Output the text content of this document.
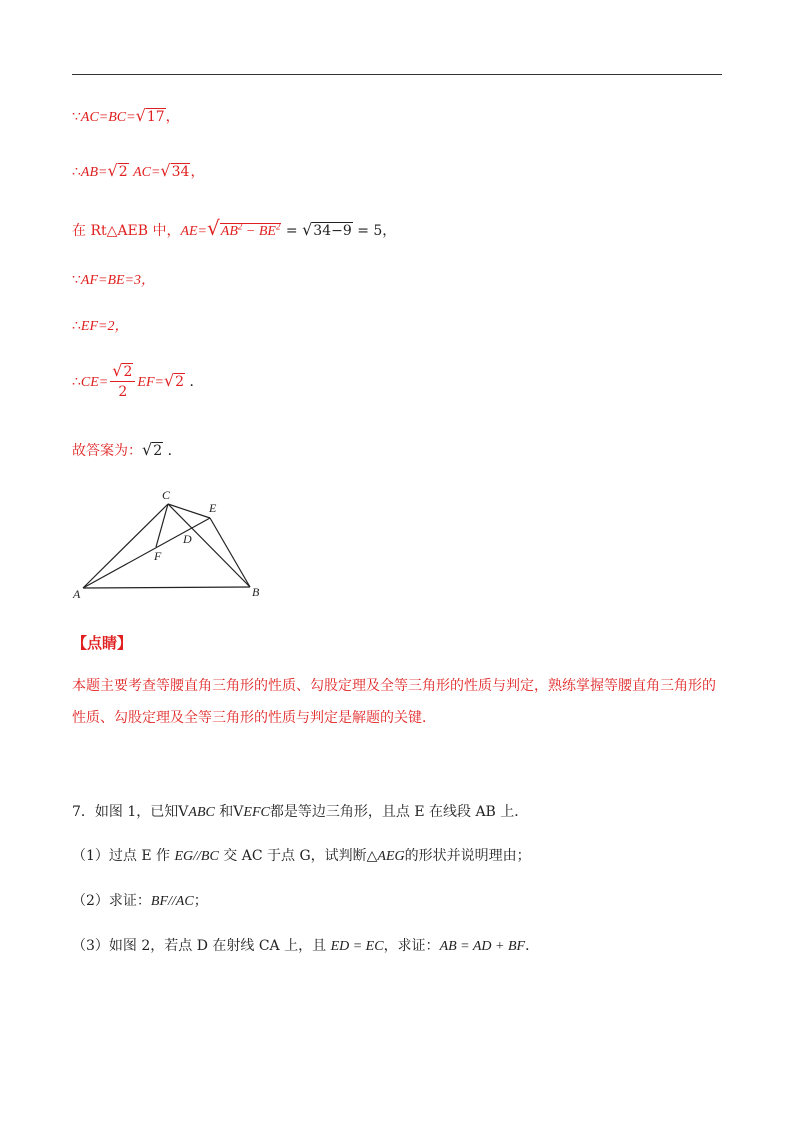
∵AC=BC=√17，
∴AB=√2 AC=√34，
在 Rt△AEB 中，$AE=√AB^2 - BE^2 = √34-9 = 5$，
∵AF=BE=3，
∴EF=2，
∴CE= $\frac{√2}{2} EF=√2$ ．
故答案为：√2 ．
C
E
D
F
A	B
【点睛】
本题主要考查等腰直角三角形的性质、勾股定理及全等三角形的性质与判定，熟练掌握等腰直角三角形的性质、勾股定理及全等三角形的性质与判定是解题的关键．
7．如图 1，已知VABC 和VEFC都是等边三角形，且点 E 在线段 AB 上．
（1）过点 E 作 EG//BC 交 AC 于点 G，试判断△AEG的形状并说明理由；
（2）求证：BF//AC；
（3）如图 2，若点 D 在射线 CA 上，且 ED = EC，求证：AB = AD + BF．
